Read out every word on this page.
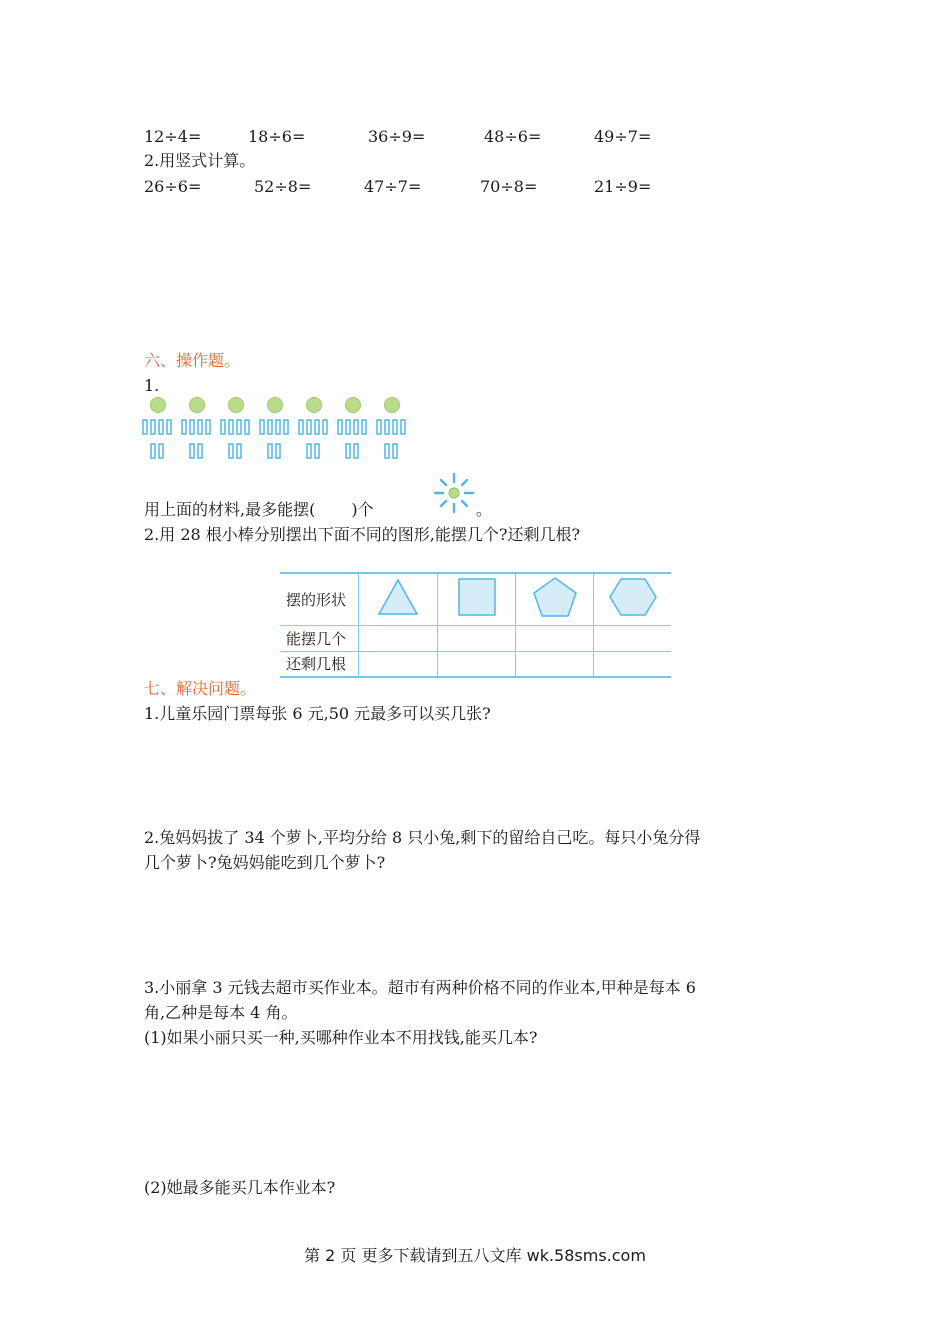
12÷4=	18÷6=	36÷9=	48÷6=	49÷7=
2.用竖式计算。
26÷6=	52÷8=	47÷7=	70÷8=	21÷9=
六、操作题。
1.
用上面的材料,最多能摆( )个	。
2.用 28 根小棒分别摆出下面不同的图形,能摆几个?还剩几根?
摆的形状				
能摆几个				
还剩几根				
七、解决问题。
1.儿童乐园门票每张 6 元,50 元最多可以买几张?
2.兔妈妈拔了 34 个萝卜,平均分给 8 只小兔,剩下的留给自己吃。每只小兔分得
几个萝卜?兔妈妈能吃到几个萝卜?
3.小丽拿 3 元钱去超市买作业本。超市有两种价格不同的作业本,甲种是每本 6
角,乙种是每本 4 角。
(1)如果小丽只买一种,买哪种作业本不用找钱,能买几本?
(2)她最多能买几本作业本?
第 2 页 更多下载请到五八文库 wk.58sms.com
